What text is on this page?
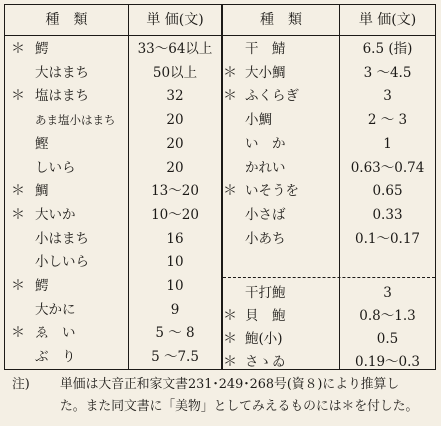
種　類	単 価(文)	種　類	単 価(文)
＊ 鰐	33～64以上
大はまち	50以上
＊ 塩はまち	32
あま塩小はまち	20
鰹	20
しいら	20
＊ 鯛	13～20
＊ 大いか	10～20
小はまち	16
小しいら	10
＊ 鰐	10
大かに	9
＊ ゑ　い	5 ～ 8
ぶ　り	5 ～7.5
干　鯖	6.5 (指)
＊ 大小鯛	3 ～4.5
＊ ふくらぎ	3
小鯛	2 ～ 3
い　か	1
かれい	0.63～0.74
＊ いそうを	0.65
小さば	0.33
小あち	0.1～0.17
干打鮑	3
＊ 貝　鮑	0.8～1.3
＊ 鮑(小)	0.5
＊ さゝゐ	0.19～0.3
注) 単価は大音正和家文書231･249･268号(資８)により推算し
た。また同文書に「美物」としてみえるものには＊を付した。
